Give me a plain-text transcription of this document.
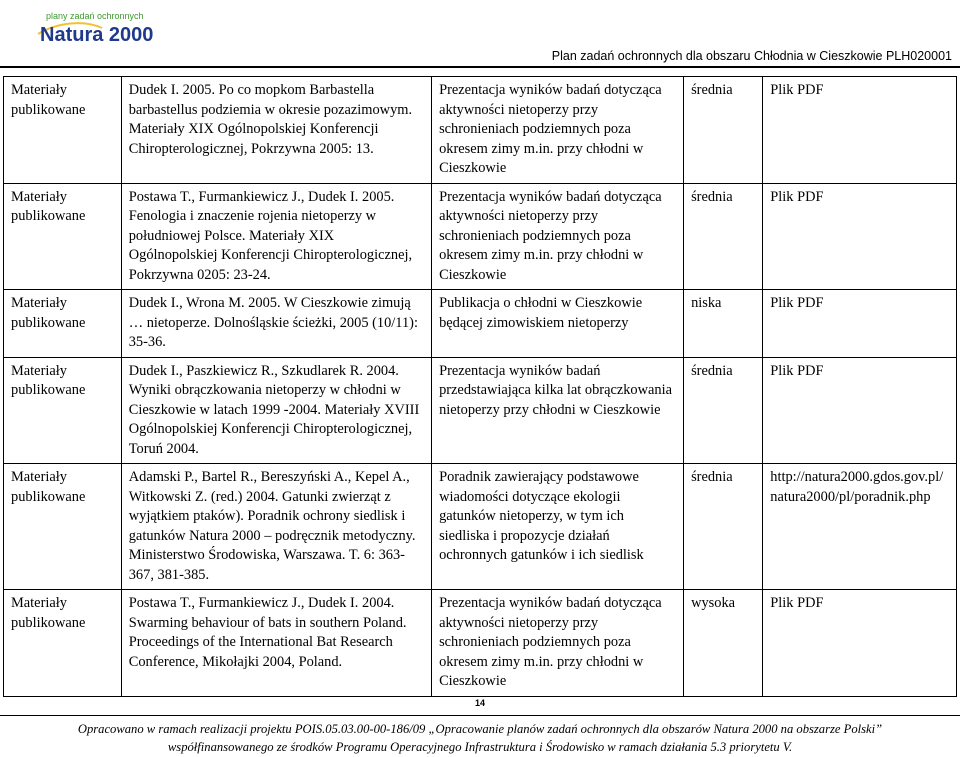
plany zadań ochronnych
Natura 2000
Plan zadań ochronnych dla obszaru Chłodnia w Cieszkowie PLH020001
Materiały publikowane	Dudek I. 2005. Po co mopkom Barbastella barbastellus podziemia w okresie pozazimowym. Materiały XIX Ogólnopolskiej Konferencji Chiropterologicznej, Pokrzywna 2005: 13.	Prezentacja wyników badań dotycząca aktywności nietoperzy przy schronieniach podziemnych poza okresem zimy m.in. przy chłodni w Cieszkowie	średnia	Plik PDF
Materiały publikowane	Postawa T., Furmankiewicz J., Dudek I. 2005. Fenologia i znaczenie rojenia nietoperzy w południowej Polsce. Materiały XIX Ogólnopolskiej Konferencji Chiropterologicznej, Pokrzywna 0205: 23-24.	Prezentacja wyników badań dotycząca aktywności nietoperzy przy schronieniach podziemnych poza okresem zimy m.in. przy chłodni w Cieszkowie	średnia	Plik PDF
Materiały publikowane	Dudek I., Wrona M. 2005. W Cieszkowie zimują … nietoperze. Dolnośląskie ścieżki, 2005 (10/11): 35-36.	Publikacja o chłodni w Cieszkowie będącej zimowiskiem nietoperzy	niska	Plik PDF
Materiały publikowane	Dudek I., Paszkiewicz R., Szkudlarek R. 2004. Wyniki obrączkowania nietoperzy w chłodni w Cieszkowie w latach 1999 -2004. Materiały XVIII Ogólnopolskiej Konferencji Chiropterologicznej, Toruń 2004.	Prezentacja wyników badań przedstawiająca kilka lat obrączkowania nietoperzy przy chłodni w Cieszkowie	średnia	Plik PDF
Materiały publikowane	Adamski P., Bartel R., Bereszyński A., Kepel A., Witkowski Z. (red.) 2004. Gatunki zwierząt z wyjątkiem ptaków). Poradnik ochrony siedlisk i gatunków Natura 2000 – podręcznik metodyczny. Ministerstwo Środowiska, Warszawa. T. 6: 363-367, 381-385.	Poradnik zawierający podstawowe wiadomości dotyczące ekologii gatunków nietoperzy, w tym ich siedliska i propozycje działań ochronnych gatunków i ich siedlisk	średnia	http://natura2000.gdos.gov.pl/natura2000/pl/poradnik.php
Materiały publikowane	Postawa T., Furmankiewicz J., Dudek I. 2004. Swarming behaviour of bats in southern Poland. Proceedings of the International Bat Research Conference, Mikołajki 2004, Poland.	Prezentacja wyników badań dotycząca aktywności nietoperzy przy schronieniach podziemnych poza okresem zimy m.in. przy chłodni w Cieszkowie	wysoka	Plik PDF
14
Opracowano w ramach realizacji projektu POIS.05.03.00-00-186/09 „Opracowanie planów zadań ochronnych dla obszarów Natura 2000 na obszarze Polski”
współfinansowanego ze środków Programu Operacyjnego Infrastruktura i Środowisko w ramach działania 5.3 priorytetu V.
